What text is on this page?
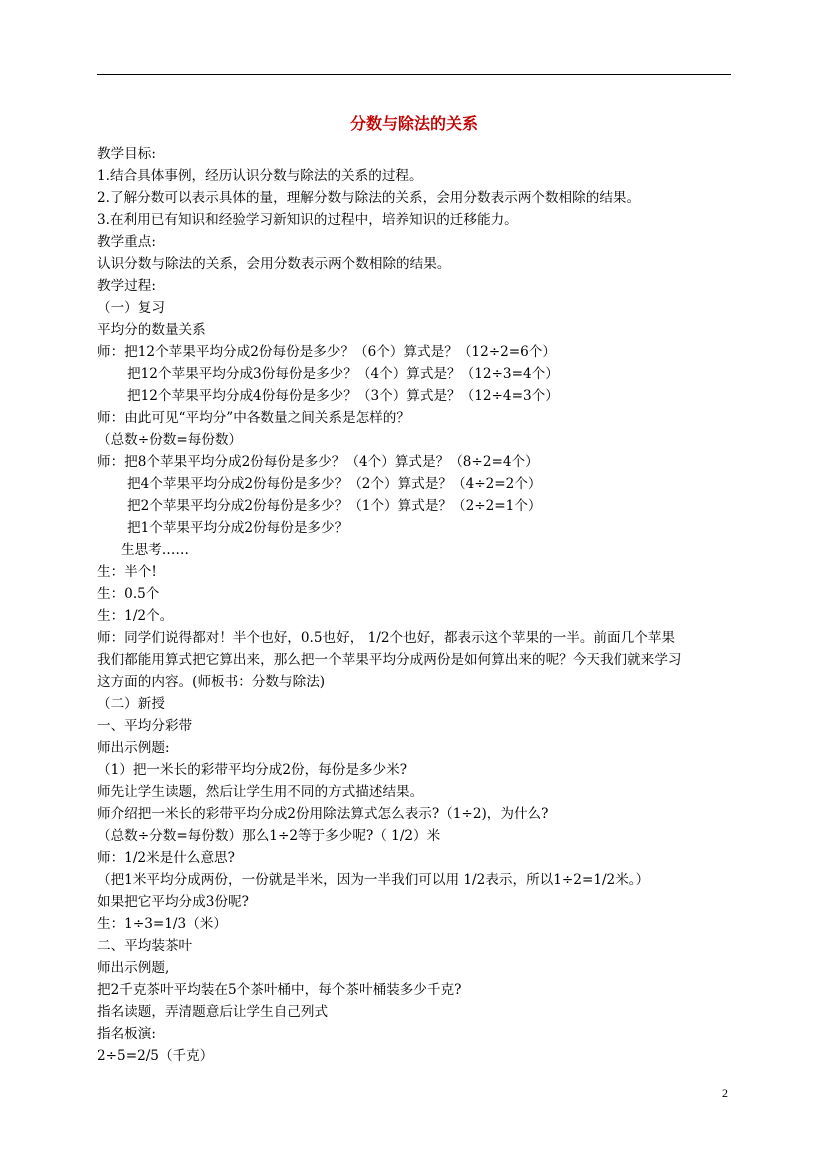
分数与除法的关系

教学目标:

1.结合具体事例，经历认识分数与除法的关系的过程。

2.了解分数可以表示具体的量，理解分数与除法的关系，会用分数表示两个数相除的结果。

3.在利用已有知识和经验学习新知识的过程中，培养知识的迁移能力。

教学重点:

认识分数与除法的关系，会用分数表示两个数相除的结果。

教学过程:

（一）复习

平均分的数量关系

师：把12个苹果平均分成2份每份是多少？（6个）算式是？（12÷2=6个）

把12个苹果平均分成3份每份是多少？（4个）算式是？（12÷3=4个）

把12个苹果平均分成4份每份是多少？（3个）算式是？（12÷4=3个）

师：由此可见“平均分”中各数量之间关系是怎样的？

（总数÷份数=每份数）

师：把8个苹果平均分成2份每份是多少？（4个）算式是？（8÷2=4个）

把4个苹果平均分成2份每份是多少？（2个）算式是？（4÷2=2个）

把2个苹果平均分成2份每份是多少？（1个）算式是？（2÷2=1个）

把1个苹果平均分成2份每份是多少？

生思考……

生：半个!

生：0.5个

生：1/2个。

师：同学们说得都对！半个也好，0.5也好， 1/2个也好，都表示这个苹果的一半。前面几个苹果

我们都能用算式把它算出来，那么把一个苹果平均分成两份是如何算出来的呢？今天我们就来学习

这方面的内容。(师板书：分数与除法)

（二）新授

一、平均分彩带

师出示例题:

（1）把一米长的彩带平均分成2份，每份是多少米?

师先让学生读题，然后让学生用不同的方式描述结果。

师介绍把一米长的彩带平均分成2份用除法算式怎么表示?（1÷2)，为什么?

（总数÷分数=每份数）那么1÷2等于多少呢?（ 1/2）米

师：1/2米是什么意思?

（把1米平均分成两份，一份就是半米，因为一半我们可以用 1/2表示，所以1÷2=1/2米。）

如果把它平均分成3份呢?

生：1÷3=1/3（米）

二、平均装茶叶

师出示例题,

把2千克茶叶平均装在5个茶叶桶中，每个茶叶桶装多少千克?

指名读题，弄清题意后让学生自己列式

指名板演:

2÷5=2/5（千克）

2
